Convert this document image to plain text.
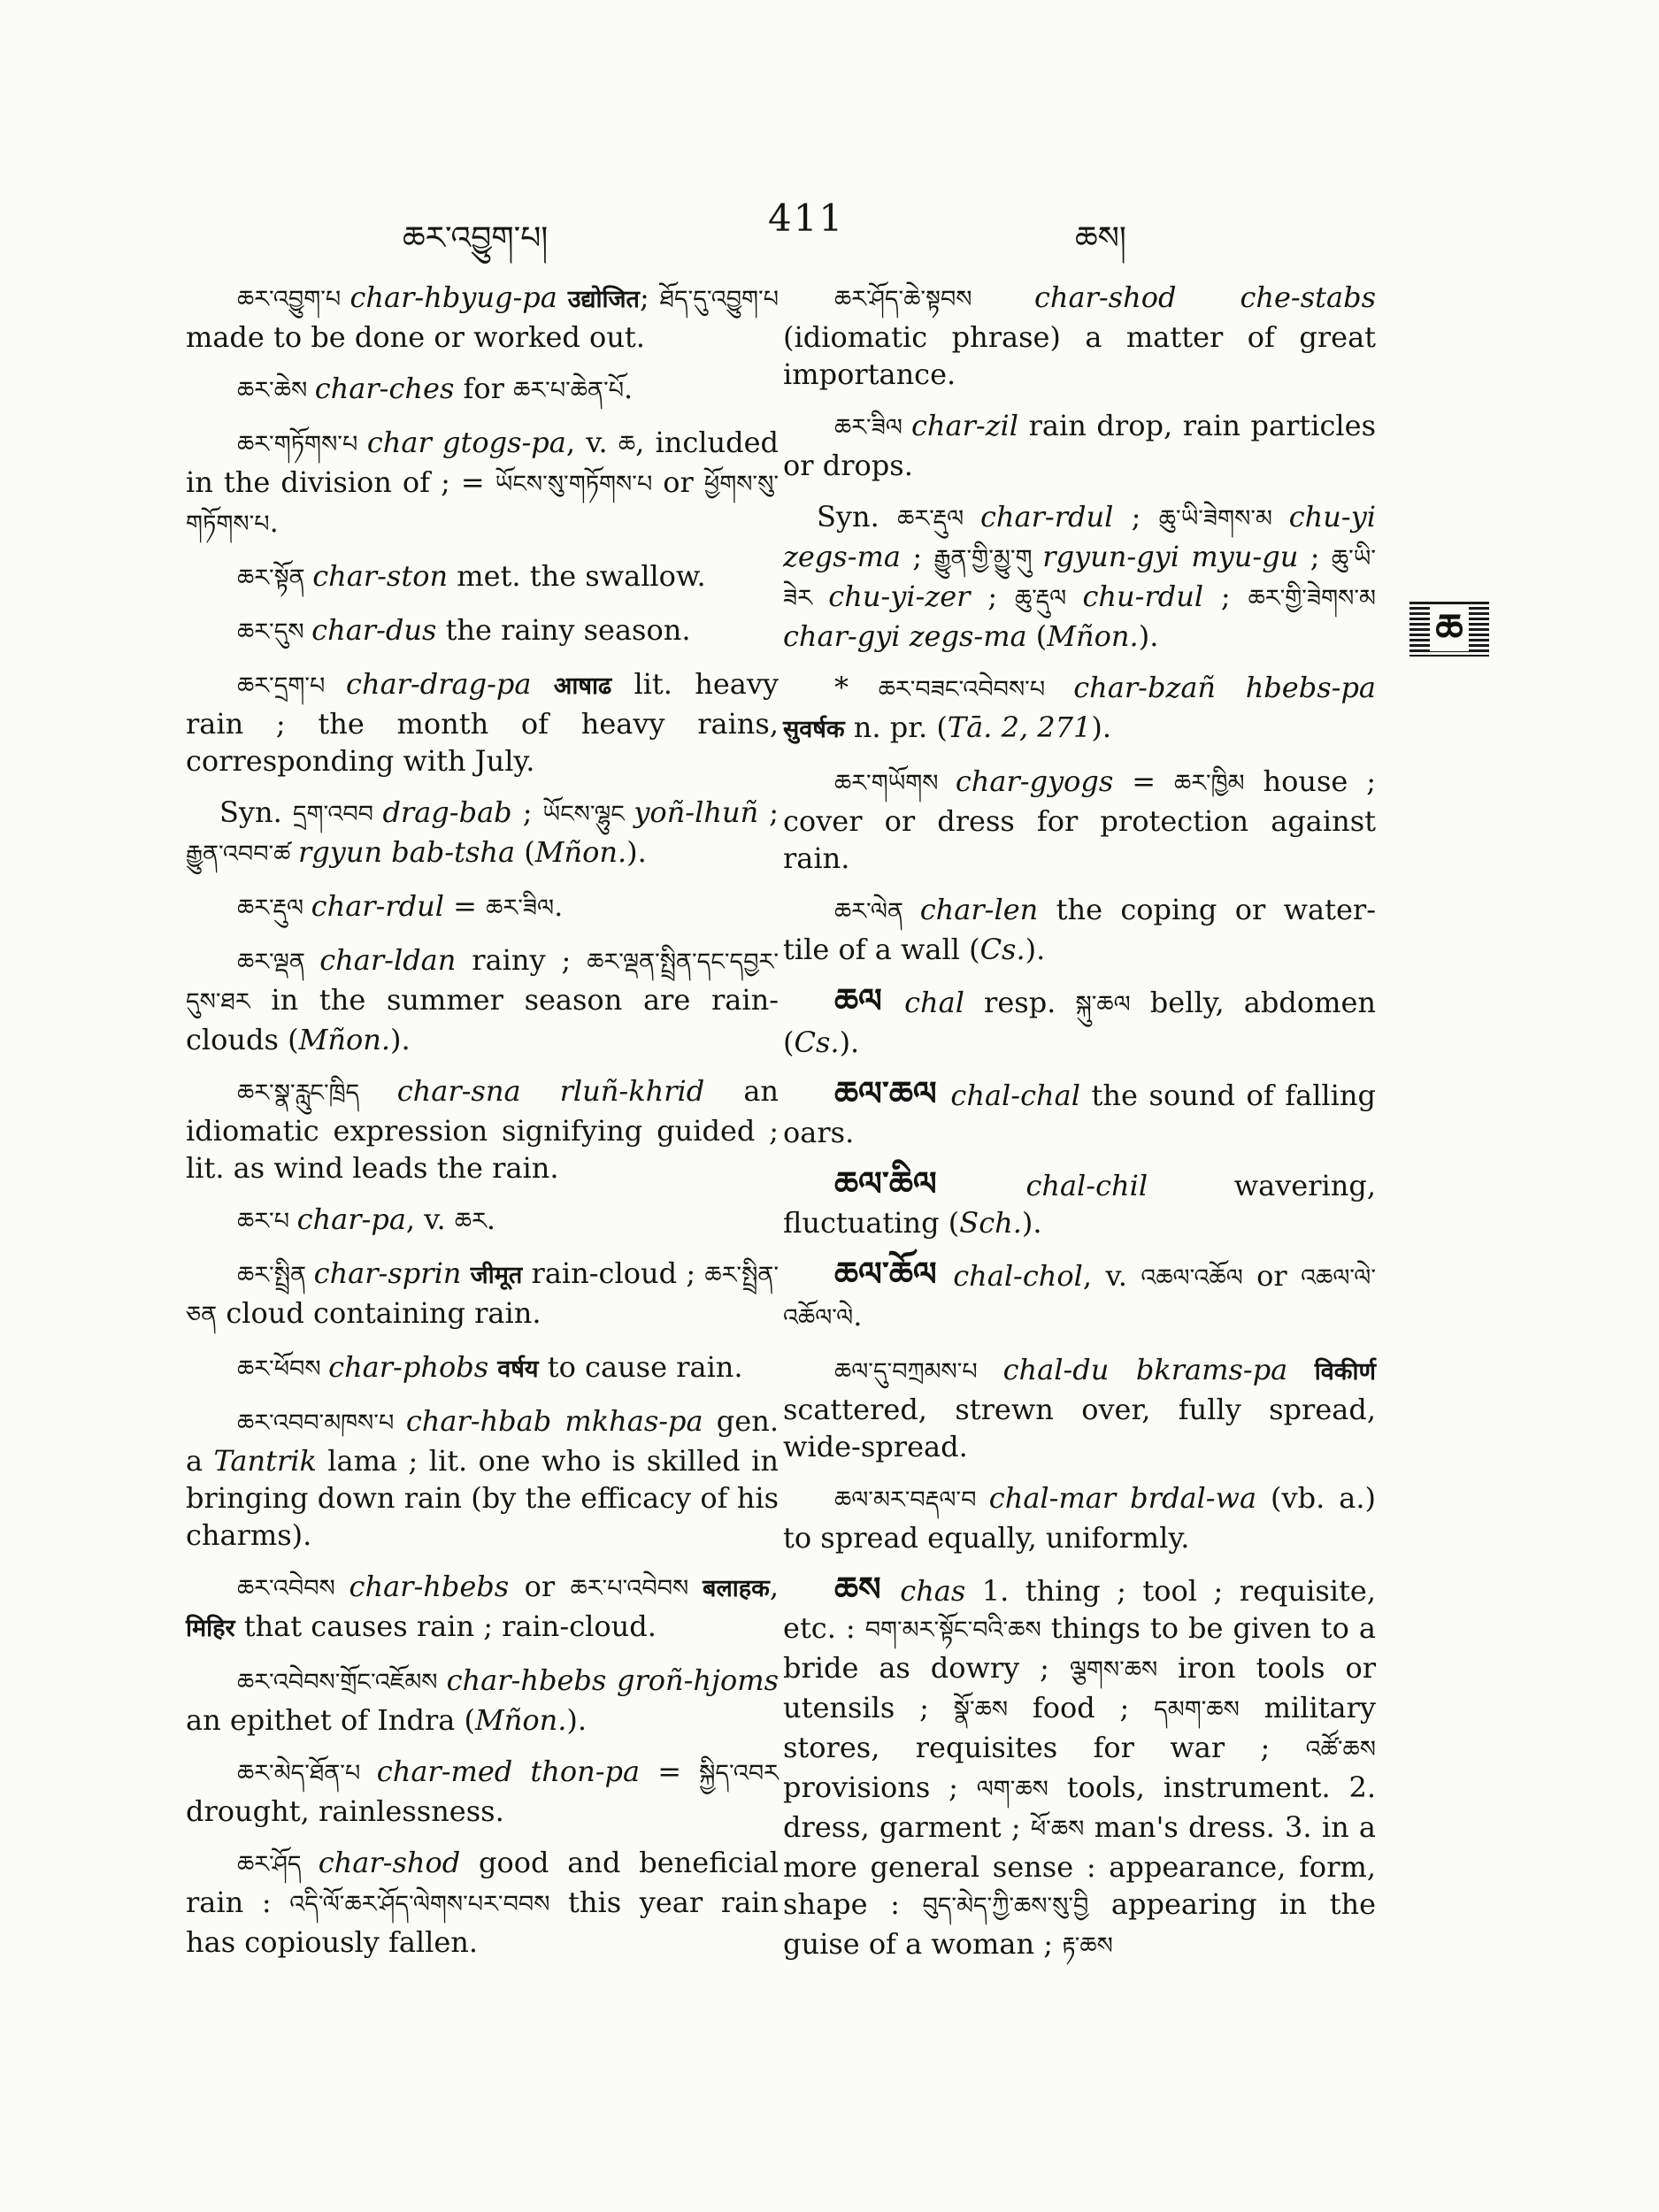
ཆར་འབྱུག་པ།	411	ཆས།

ཆར་འབྱུག་པ char-hbyug-pa उद्योजित; ཐོད་དུ་འབྱུག་པ made to be done or worked out.

ཆར་ཆེས char-ches for ཆར་པ་ཆེན་པོ.

ཆར་གཏོགས་པ char gtogs-pa, v. ཆ, included in the division of ; = ཡོངས་སུ་གཏོགས་པ or ཕྱོགས་སུ་གཏོགས་པ.

ཆར་སྟོན char-ston met. the swallow.

ཆར་དུས char-dus the rainy season.

ཆར་དྲག་པ char-drag-pa आषाढ lit. heavy rain ; the month of heavy rains, corresponding with July.

Syn. དྲག་འབབ drag-bab ; ཡོངས་ལྷུང yoñ-lhuñ ; རྒྱུན་འབབ་ཚ rgyun bab-tsha (Mñon.).

ཆར་རྡུལ char-rdul = ཆར་ཟིལ.

ཆར་ལྡན char-ldan rainy ; ཆར་ལྡན་སྤྲིན་དང་དབྱར་དུས་ཐར in the summer season are rain-clouds (Mñon.).

ཆར་སྣ་རླུང་ཁྲིད char-sna rluñ-khrid an idiomatic expression signifying guided ; lit. as wind leads the rain.

ཆར་པ char-pa, v. ཆར.

ཆར་སྤྲིན char-sprin जीमूत rain-cloud ; ཆར་སྤྲིན་ཅན cloud containing rain.

ཆར་ཕོབས char-phobs वर्षय to cause rain.

ཆར་འབབ་མཁས་པ char-hbab mkhas-pa gen. a Tantrik lama ; lit. one who is skilled in bringing down rain (by the efficacy of his charms).

ཆར་འབེབས char-hbebs or ཆར་པ་འབེབས बलाहक, मिहिर that causes rain ; rain-cloud.

ཆར་འབེབས་གྲོང་འཇོམས char-hbebs groñ-hjoms an epithet of Indra (Mñon.).

ཆར་མེད་ཐོན་པ char-med thon-pa = སྐྱིད་འབར drought, rainlessness.

ཆར་ཤོད char-shod good and beneficial rain : འདི་ལོ་ཆར་ཤོད་ལེགས་པར་བབས this year rain has copiously fallen.

ཆར་ཤོད་ཆེ་སྟབས char-shod che-stabs (idiomatic phrase) a matter of great importance.

ཆར་ཟིལ char-zil rain drop, rain particles or drops.

Syn. ཆར་རྡུལ char-rdul ; ཆུ་ཡི་ཟེགས་མ chu-yi zegs-ma ; རྒྱུན་གྱི་མྱུ་གུ rgyun-gyi myu-gu ; ཆུ་ཡི་ཟེར chu-yi-zer ; ཆུ་རྡུལ chu-rdul ; ཆར་གྱི་ཟེགས་མ char-gyi zegs-ma (Mñon.).

* ཆར་བཟང་འབེབས་པ char-bzañ hbebs-pa सुवर्षक n. pr. (Tā. 2, 271).

ཆར་གཡོགས char-gyogs = ཆར་ཁྱིམ house ; cover or dress for protection against rain.

ཆར་ལེན char-len the coping or water-tile of a wall (Cs.).

ཆལ chal resp. སྐུ་ཆལ belly, abdomen (Cs.).

ཆལ་ཆལ chal-chal the sound of falling oars.

ཆལ་ཆིལ chal-chil wavering, fluctuating (Sch.).

ཆལ་ཆོལ chal-chol, v. འཆལ་འཆོལ or འཆལ་ལེ་འཆོལ་ལེ.

ཆལ་དུ་བཀྲམས་པ chal-du bkrams-pa विकीर्ण scattered, strewn over, fully spread, wide-spread.

ཆལ་མར་བརྡལ་བ chal-mar brdal-wa (vb. a.) to spread equally, uniformly.

ཆས chas 1. thing ; tool ; requisite, etc. : བག་མར་སྟོང་བའི་ཆས things to be given to a bride as dowry ; ལྕགས་ཆས iron tools or utensils ; སྣོ་ཆས food ; དམག་ཆས military stores, requisites for war ; འཚོ་ཆས provisions ; ལག་ཆས tools, instrument. 2. dress, garment ; ཕོ་ཆས man's dress. 3. in a more general sense : appearance, form, shape : བུད་མེད་ཀྱི་ཆས་སུ་བྱི appearing in the guise of a woman ; རྟ་ཆས

ཆ
